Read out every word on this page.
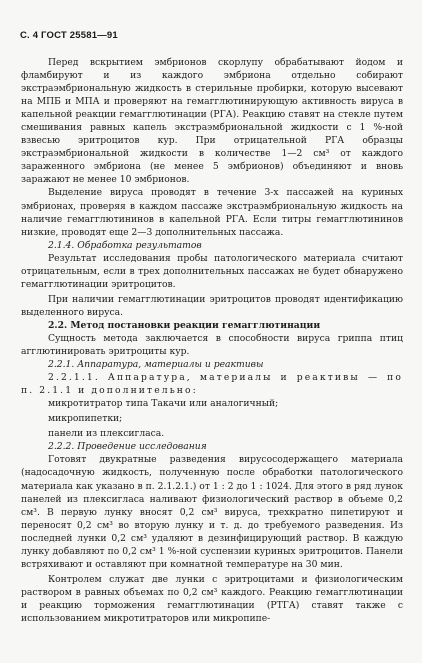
С. 4 ГОСТ 25581—91

Перед вскрытием эмбрионов скорлупу обрабатывают йодом и фламбируют и из каждого эмбриона отдельно собирают экстраэмбриональную жидкость в стерильные пробирки, которую высевают на МПБ и МПА и проверяют на гемагглютинирующую активность вируса в капельной реакции гемагглютинации (РГА). Реакцию ставят на стекле путем смешивания равных капель экстраэмбриональной жидкости с 1 %-ной взвесью эритроцитов кур. При отрицательной РГА образцы экстраэмбриональной жидкости в количестве 1—2 см³ от каждого зараженного эмбриона (не менее 5 эмбрионов) объединяют и вновь заражают не менее 10 эмбрионов.

Выделение вируса проводят в течение 3-х пассажей на куриных эмбрионах, проверяя в каждом пассаже экстраэмбриональную жидкость на наличие гемагглютининов в капельной РГА. Если титры гемагглютининов низкие, проводят еще 2—3 дополнительных пассажа.

2.1.4. Обработка результатов

Результат исследования пробы патологического материала считают отрицательным, если в трех дополнительных пассажах не будет обнаружено гемагглютинации эритроцитов.

При наличии гемагглютинации эритроцитов проводят идентификацию выделенного вируса.

2.2. Метод постановки реакции гемагглютинации

Сущность метода заключается в способности вируса гриппа птиц агглютинировать эритроциты кур.

2.2.1. Аппаратура, материалы и реактивы

2.2.1.1. Аппаратура, материалы и реактивы — по п. 2.1.1 и дополнительно:

микротитратор типа Такачи или аналогичный;

микропипетки;

панели из плексигласа.

2.2.2. Проведение исследования

Готовят двукратные разведения вирусосодержащего материала (надосадочную жидкость, полученную после обработки патологического материала как указано в п. 2.1.2.1.) от 1 : 2 до 1 : 1024. Для этого в ряд лунок панелей из плексигласа наливают физиологический раствор в объеме 0,2 см³. В первую лунку вносят 0,2 см³ вируса, трехкратно пипетируют и переносят 0,2 см³ во вторую лунку и т. д. до требуемого разведения. Из последней лунки 0,2 см³ удаляют в дезинфицирующий раствор. В каждую лунку добавляют по 0,2 см³ 1 %-ной суспензии куриных эритроцитов. Панели встряхивают и оставляют при комнатной температуре на 30 мин.

Контролем служат две лунки с эритроцитами и физиологическим раствором в равных объемах по 0,2 см³ каждого. Реакцию гемагглютинации и реакцию торможения гемагглютинации (РТГА) ставят также с использованием микротитраторов или микропипе-
